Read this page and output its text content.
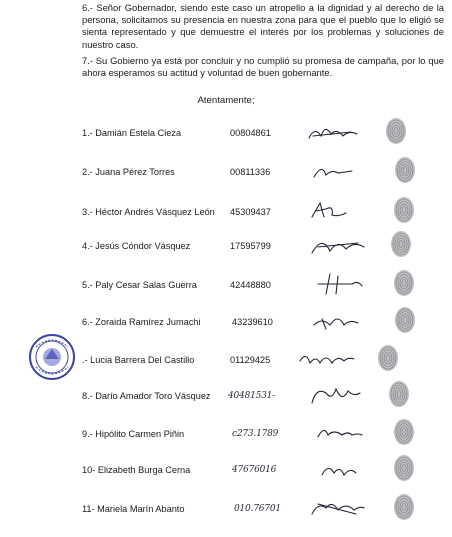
6.- Señor Gobernador, siendo este caso un atropello a la dignidad y al derecho de la persona, solicitamos su presencia en nuestra zona para que el pueblo que lo eligió se sienta representado y que demuestre el interés por los problemas y soluciones de nuestro caso.
7.- Su Gobierno ya está por concluir y no cumplió su promesa de campaña, por lo que ahora esperamos su actitud y voluntad de buen gobernante.
Atentamente;
1.- Damián Estela Cieza	00804861
2.- Juana Pérez Torres	00811336
3.- Héctor Andrés Vásquez León 45309437
4.- Jesús Cóndor Vásquez	17595799
5.- Paly Cesar Salas Guerra	42448880
6.- Zoraida Ramírez Jumachi	43239610
.- Lucia Barrera Del Castillo	01129425
8.- Darío Amador Toro Vásquez 40481531-
9.- Hipólito Carmen Piñin	c273.1789
10- Elizabeth Burga Cerna	47676016
11- Mariela Marín Abanto	010.76701
